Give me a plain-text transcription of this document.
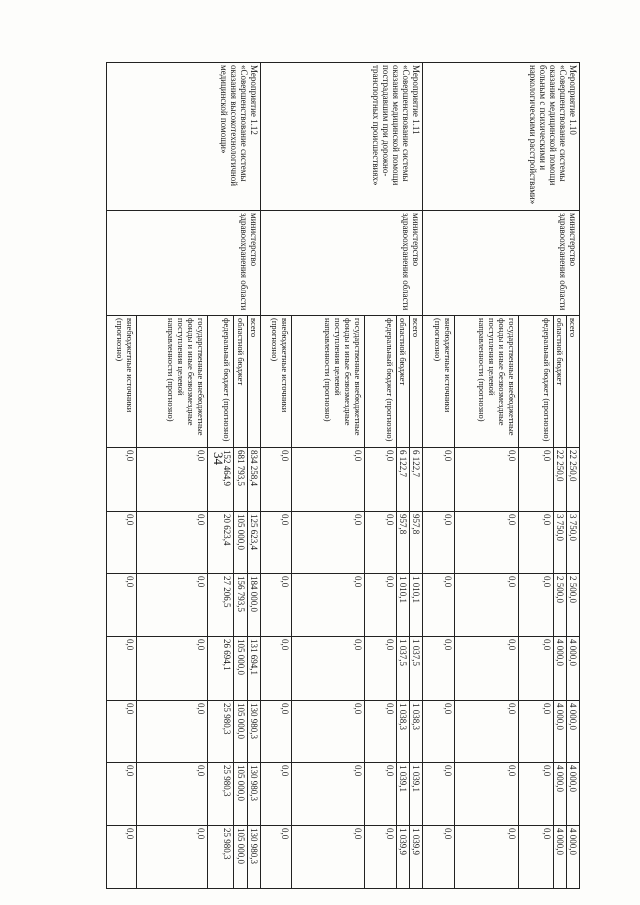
34
Мероприятие 1.10 «Совершенствование системы оказания медицинской помощи больным с психическими и наркологическими расстройствами»	министерство здравоохранения области	всего	22 250,0	3 750,0	2 500,0	4 000,0	4 000,0	4 000,0	4 000,0
		областной бюджет	22 250,0	3 750,0	2 500,0	4 000,0	4 000,0	4 000,0	4 000,0
		федеральный бюджет (прогнозно)	0,0	0,0	0,0	0,0	0,0	0,0	0,0
		государственные внебюджетные фонды и иные безвозмездные поступления целевой направленности (прогнозно)	0,0	0,0	0,0	0,0	0,0	0,0	0,0
		внебюджетные источники (прогнозно)	0,0	0,0	0,0	0,0	0,0	0,0	0,0
Мероприятие 1.11 «Совершенствование системы оказания медицинской помощи пострадавшим при дорожно-транспортных происшествиях»	министерство здравоохранения области	всего	6 122,7	957,8	1 010,1	1 037,5	1 038,3	1 039,1	1 039,9
		областной бюджет	6 122,7	957,8	1 010,1	1 037,5	1 038,3	1 039,1	1 039,9
		федеральный бюджет (прогнозно)	0,0	0,0	0,0	0,0	0,0	0,0	0,0
		государственные внебюджетные фонды и иные безвозмездные поступления целевой направленности (прогнозно)	0,0	0,0	0,0	0,0	0,0	0,0	0,0
		внебюджетные источники (прогнозно)	0,0	0,0	0,0	0,0	0,0	0,0	0,0
Мероприятие 1.12 «Совершенствование системы оказания высокотехнологичной медицинской помощи»	министерство здравоохранения области	всего	834 258,4	125 623,4	184 000,0	131 694,1	130 980,3	130 980,3	130 980,3
		областной бюджет	681 793,5	105 000,0	156 793,5	105 000,0	105 000,0	105 000,0	105 000,0
		федеральный бюджет (прогнозно)	152 464,9	20 623,4	27 206,5	26 694,1	25 980,3	25 980,3	25 980,3
		государственные внебюджетные фонды и иные безвозмездные поступления целевой направленности (прогнозно)	0,0	0,0	0,0	0,0	0,0	0,0	0,0
		внебюджетные источники (прогнозно)	0,0	0,0	0,0	0,0	0,0	0,0	0,0
